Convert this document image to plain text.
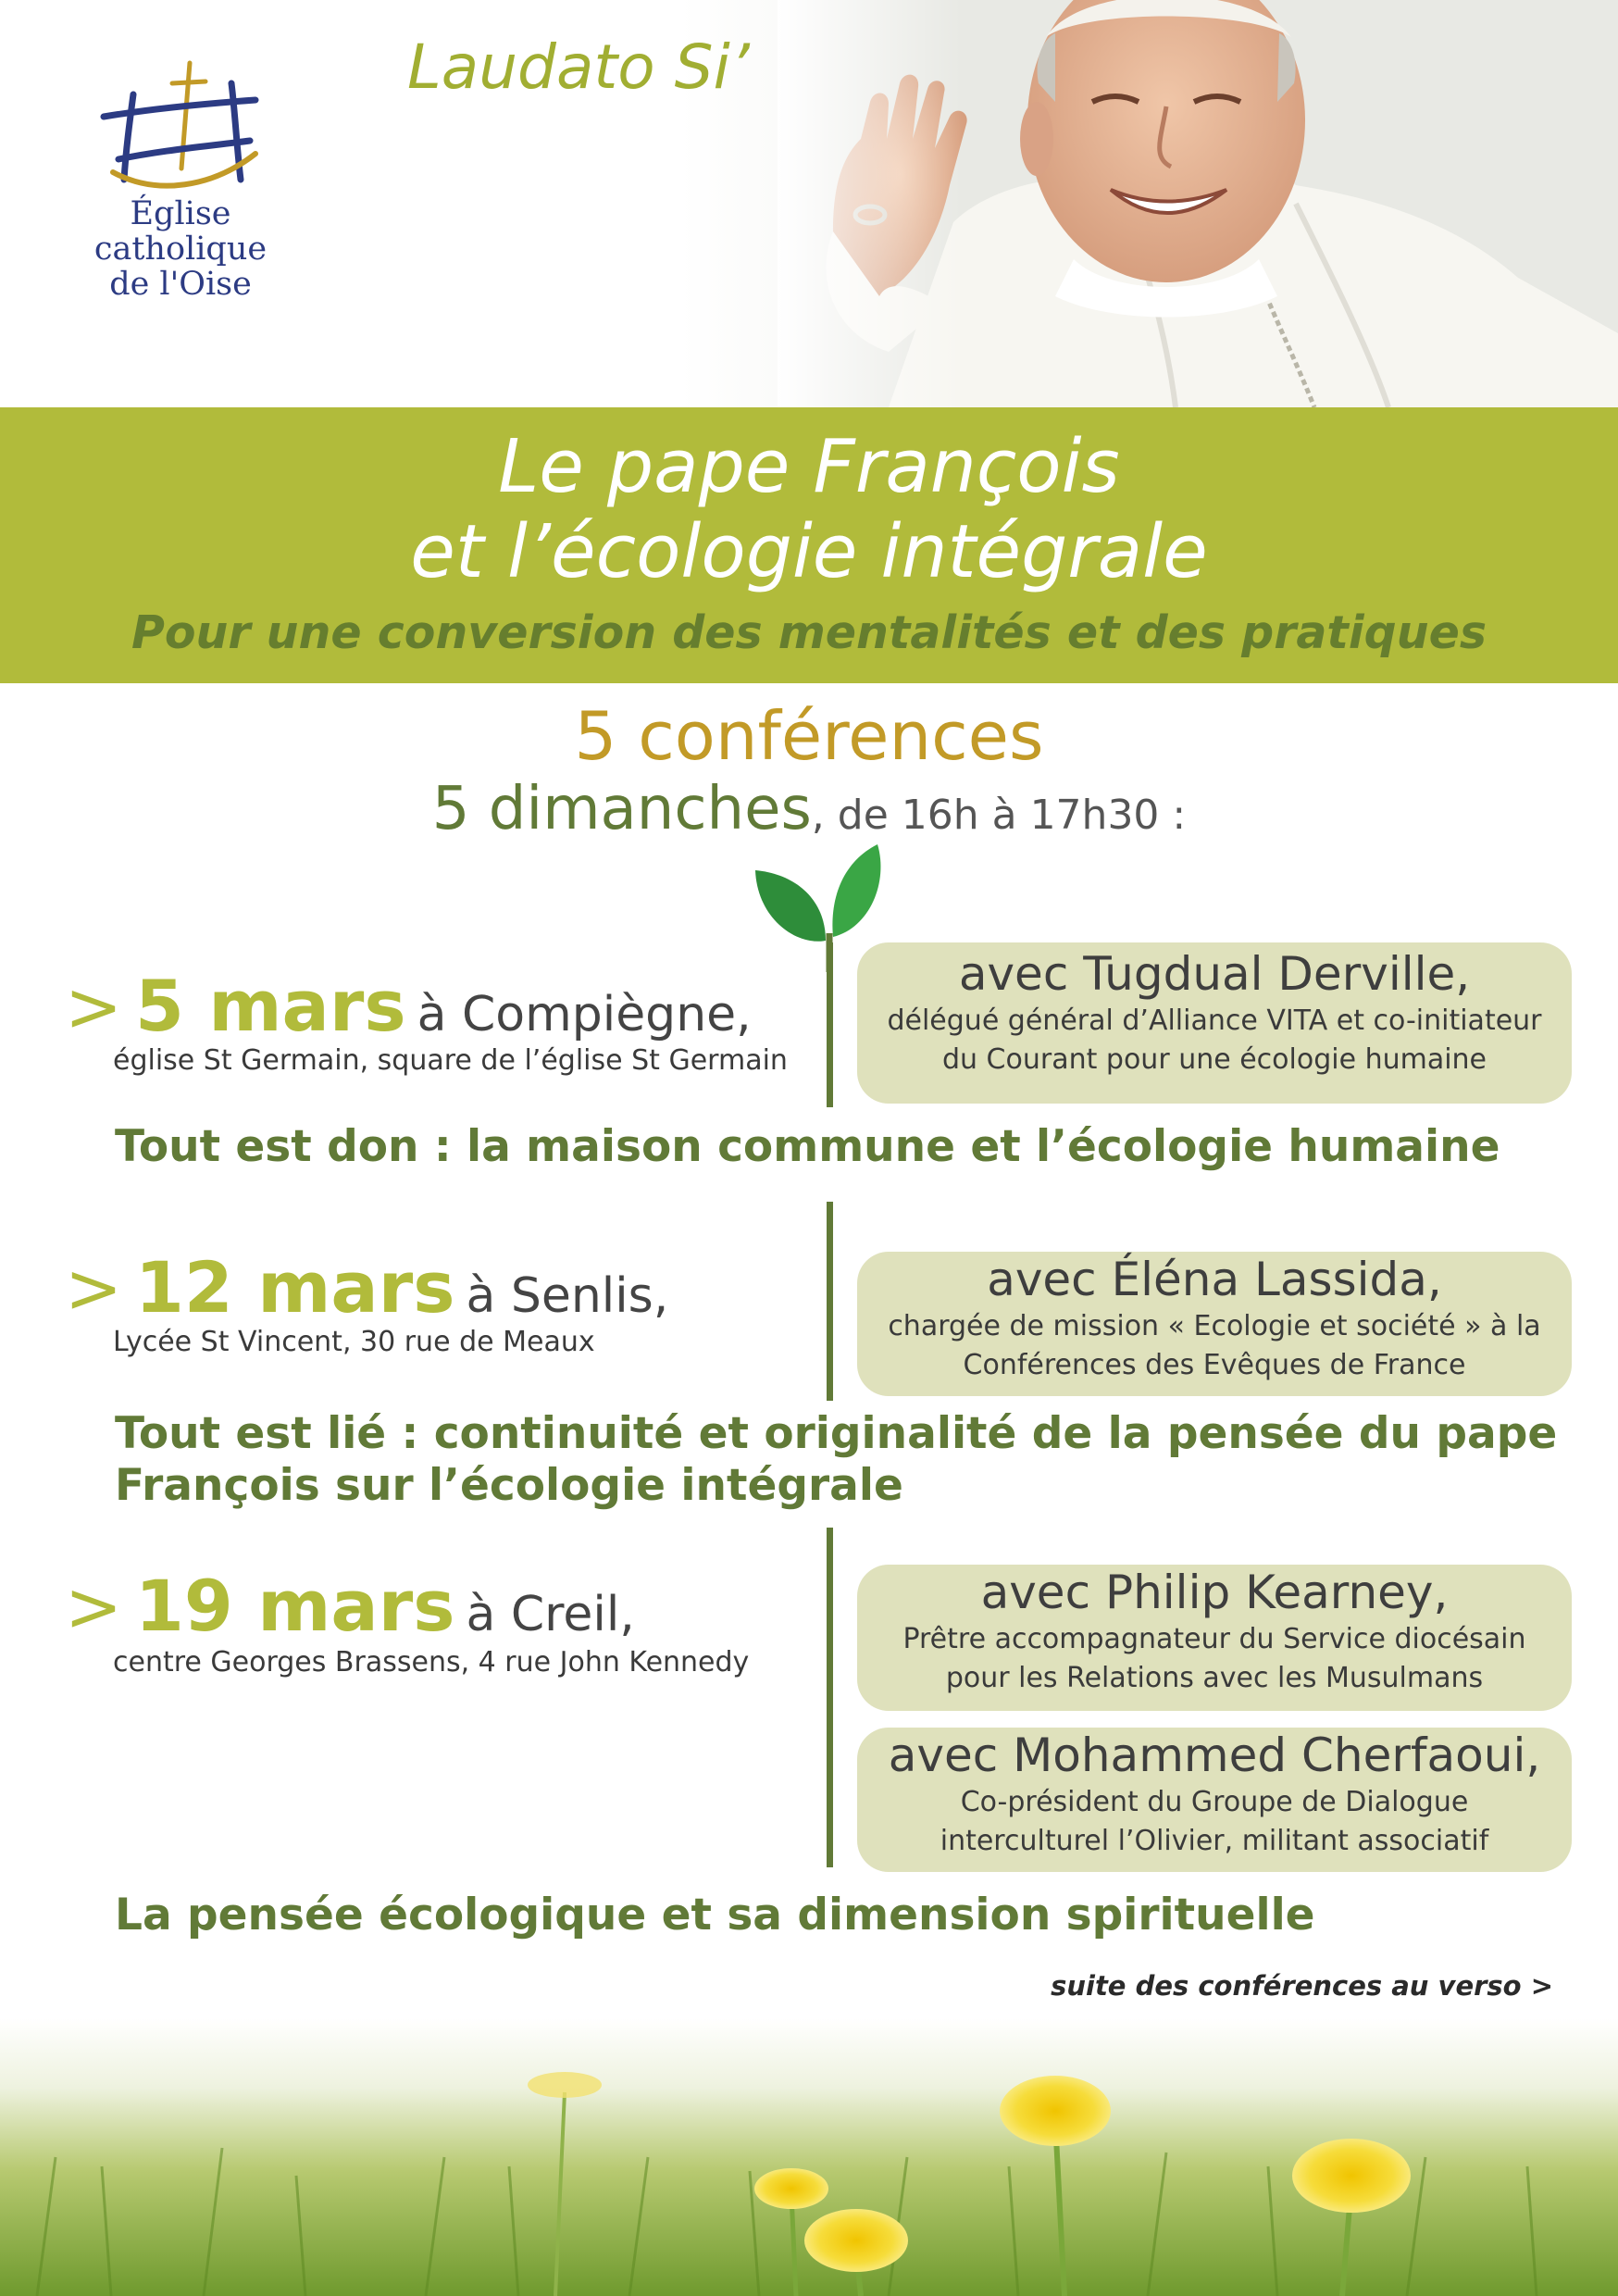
Laudato Si’
Église
catholique
de l'Oise
Le pape François
et l’écologie intégrale
Pour une conversion des mentalités et des pratiques
5 conférences
5 dimanches, de 16h à 17h30 :
> 5 mars à Compiègne,
église St Germain, square de l’église St Germain
avec Tugdual Derville,
délégué général d’Alliance VITA et co-initiateur
du Courant pour une écologie humaine
Tout est don : la maison commune et l’écologie humaine
> 12 mars à Senlis,
Lycée St Vincent, 30 rue de Meaux
avec Éléna Lassida,
chargée de mission « Ecologie et société » à la
Conférences des Evêques de France
Tout est lié : continuité et originalité de la pensée du pape
François sur l’écologie intégrale
> 19 mars à Creil,
centre Georges Brassens, 4 rue John Kennedy
avec Philip Kearney,
Prêtre accompagnateur du Service diocésain
pour les Relations avec les Musulmans
avec Mohammed Cherfaoui,
Co-président du Groupe de Dialogue
interculturel l’Olivier, militant associatif
La pensée écologique et sa dimension spirituelle
suite des conférences au verso >
